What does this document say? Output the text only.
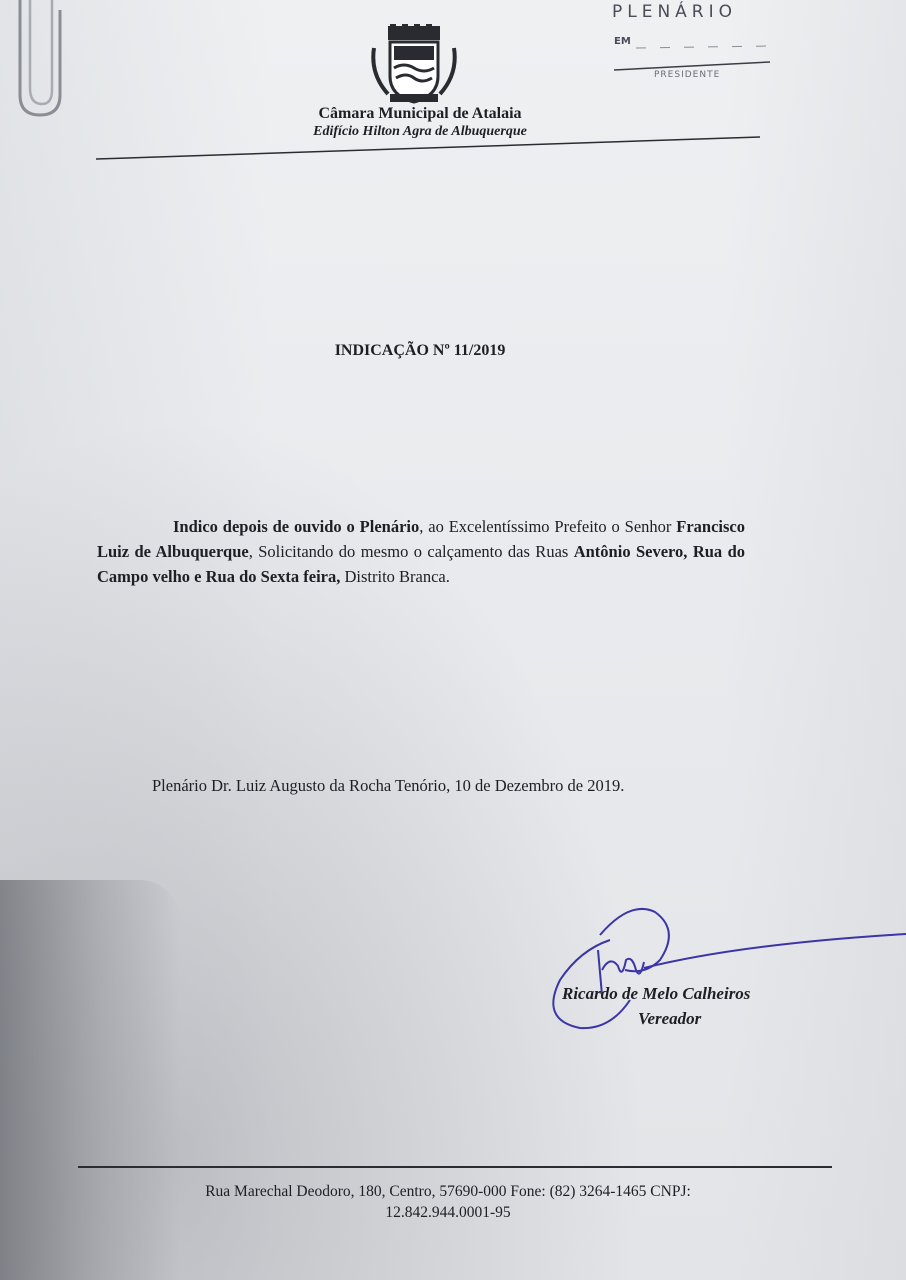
Câmara Municipal de Atalaia
Edifício Hilton Agra de Albuquerque
PLENÁRIO
EM
PRESIDENTE
INDICAÇÃO Nº 11/2019
Indico depois de ouvido o Plenário, ao Excelentíssimo Prefeito o Senhor Francisco Luiz de Albuquerque, Solicitando do mesmo o calçamento das Ruas Antônio Severo, Rua do Campo velho e Rua do Sexta feira, Distrito Branca.
Plenário Dr. Luiz Augusto da Rocha Tenório, 10 de Dezembro de 2019.
Ricardo de Melo Calheiros
Vereador
Rua Marechal Deodoro, 180, Centro, 57690-000 Fone: (82) 3264-1465 CNPJ:
12.842.944.0001-95
